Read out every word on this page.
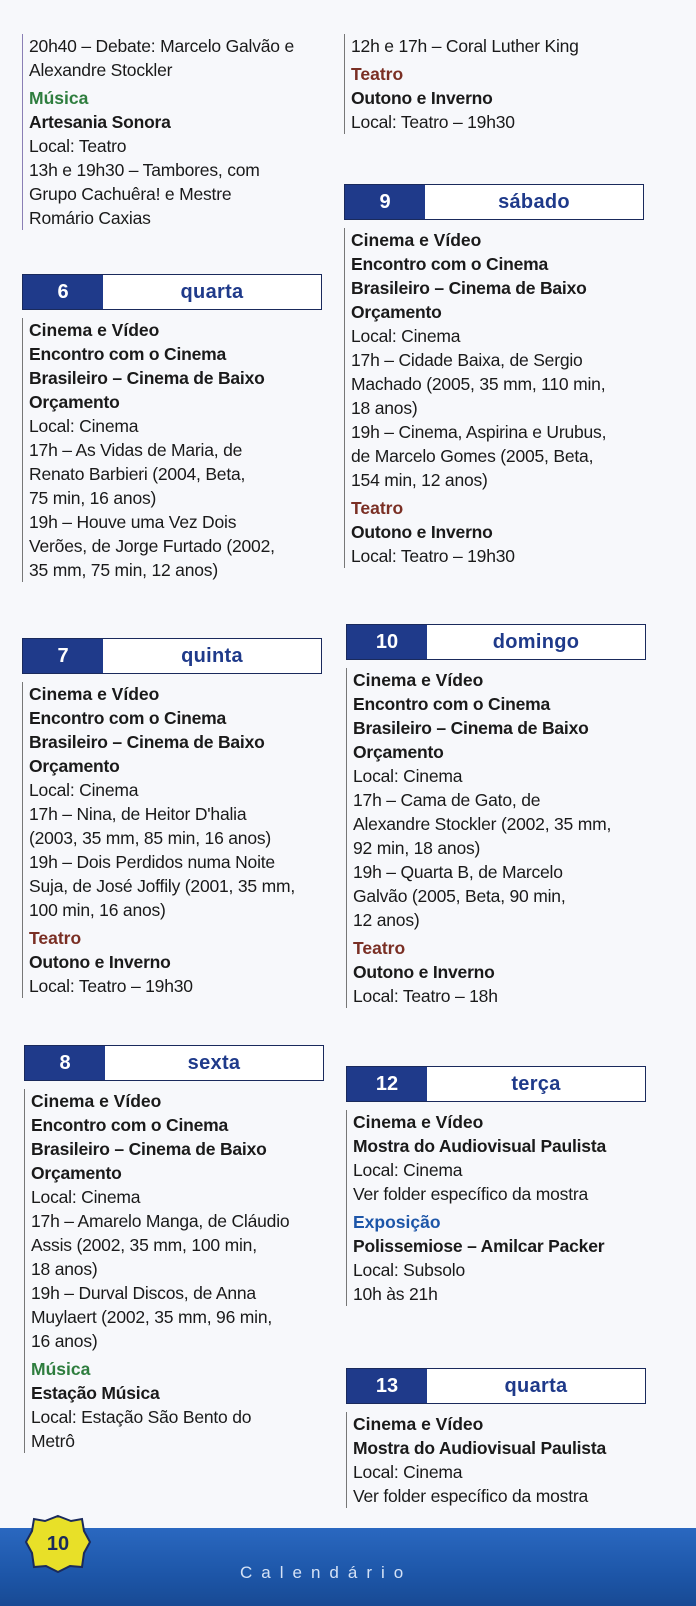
20h40 – Debate: Marcelo Galvão e
Alexandre Stockler
Música
Artesania Sonora
Local: Teatro
13h e 19h30 – Tambores, com
Grupo Cachuêra! e Mestre
Romário Caxias
6	quarta
Cinema e Vídeo
Encontro com o Cinema
Brasileiro – Cinema de Baixo
Orçamento
Local: Cinema
17h – As Vidas de Maria, de
Renato Barbieri (2004, Beta,
75 min, 16 anos)
19h – Houve uma Vez Dois
Verões, de Jorge Furtado (2002,
35 mm, 75 min, 12 anos)
7	quinta
Cinema e Vídeo
Encontro com o Cinema
Brasileiro – Cinema de Baixo
Orçamento
Local: Cinema
17h – Nina, de Heitor D'halia
(2003, 35 mm, 85 min, 16 anos)
19h – Dois Perdidos numa Noite
Suja, de José Joffily (2001, 35 mm,
100 min, 16 anos)
Teatro
Outono e Inverno
Local: Teatro – 19h30
8	sexta
Cinema e Vídeo
Encontro com o Cinema
Brasileiro – Cinema de Baixo
Orçamento
Local: Cinema
17h – Amarelo Manga, de Cláudio
Assis (2002, 35 mm, 100 min,
18 anos)
19h – Durval Discos, de Anna
Muylaert (2002, 35 mm, 96 min,
16 anos)
Música
Estação Música
Local: Estação São Bento do
Metrô
12h e 17h – Coral Luther King
Teatro
Outono e Inverno
Local: Teatro – 19h30
9	sábado
Cinema e Vídeo
Encontro com o Cinema
Brasileiro – Cinema de Baixo
Orçamento
Local: Cinema
17h – Cidade Baixa, de Sergio
Machado (2005, 35 mm, 110 min,
18 anos)
19h – Cinema, Aspirina e Urubus,
de Marcelo Gomes (2005, Beta,
154 min, 12 anos)
Teatro
Outono e Inverno
Local: Teatro – 19h30
10	domingo
Cinema e Vídeo
Encontro com o Cinema
Brasileiro – Cinema de Baixo
Orçamento
Local: Cinema
17h – Cama de Gato, de
Alexandre Stockler (2002, 35 mm,
92 min, 18 anos)
19h – Quarta B, de Marcelo
Galvão (2005, Beta, 90 min,
12 anos)
Teatro
Outono e Inverno
Local: Teatro – 18h
12	terça
Cinema e Vídeo
Mostra do Audiovisual Paulista
Local: Cinema
Ver folder específico da mostra
Exposição
Polissemiose – Amilcar Packer
Local: Subsolo
10h às 21h
13	quarta
Cinema e Vídeo
Mostra do Audiovisual Paulista
Local: Cinema
Ver folder específico da mostra
Calendário
10
